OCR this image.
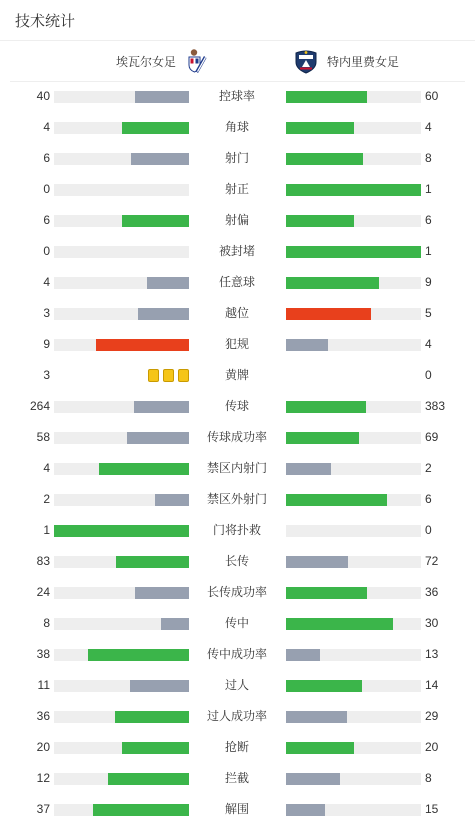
技术统计
埃瓦尔女足	特内里费女足
40	控球率	60
4	角球	4
6	射门	8
0	射正	1
6	射偏	6
0	被封堵	1
4	任意球	9
3	越位	5
9	犯规	4
3	黄牌	0
264	传球	383
58	传球成功率	69
4	禁区内射门	2
2	禁区外射门	6
1	门将扑救	0
83	长传	72
24	长传成功率	36
8	传中	30
38	传中成功率	13
11	过人	14
36	过人成功率	29
20	抢断	20
12	拦截	8
37	解围	15
